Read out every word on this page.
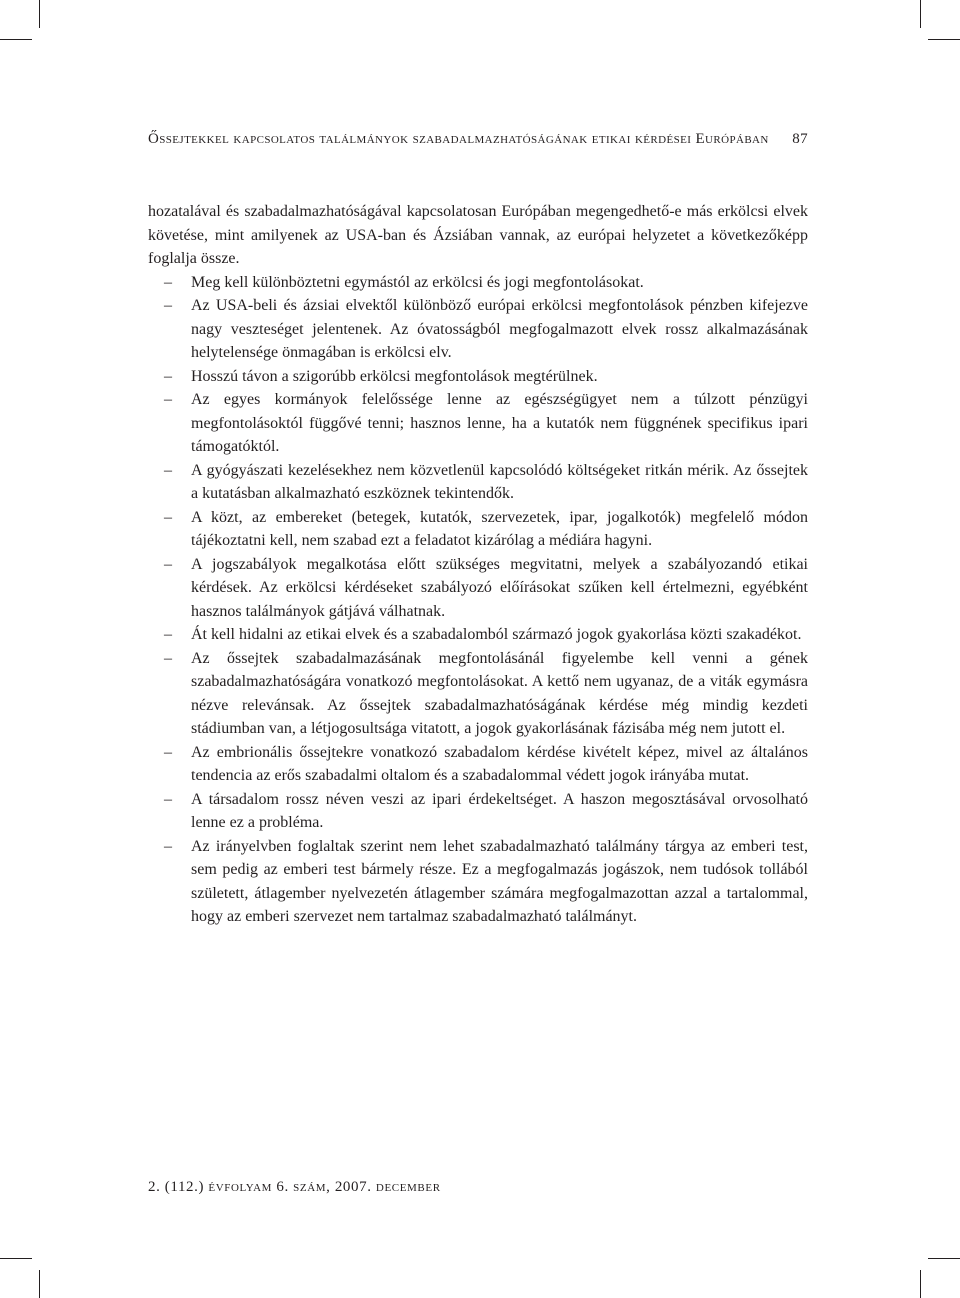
Őssejtekkel kapcsolatos találmányok szabadalmazhatóságának etikai kérdései Európában 87

hozatalával és szabadalmazhatóságával kapcsolatosan Európában megengedhető-e más erkölcsi elvek követése, mint amilyenek az USA-ban és Ázsiában vannak, az európai helyzetet a következőképp foglalja össze.

– Meg kell különböztetni egymástól az erkölcsi és jogi megfontolásokat.
– Az USA-beli és ázsiai elvektől különböző európai erkölcsi megfontolások pénzben kifejezve nagy veszteséget jelentenek. Az óvatosságból megfogalmazott elvek rossz alkalmazásának helytelensége önmagában is erkölcsi elv.
– Hosszú távon a szigorúbb erkölcsi megfontolások megtérülnek.
– Az egyes kormányok felelőssége lenne az egészségügyet nem a túlzott pénzügyi megfontolásoktól függővé tenni; hasznos lenne, ha a kutatók nem függnének specifikus ipari támogatóktól.
– A gyógyászati kezelésekhez nem közvetlenül kapcsolódó költségeket ritkán mérik. Az őssejtek a kutatásban alkalmazható eszköznek tekintendők.
– A közt, az embereket (betegek, kutatók, szervezetek, ipar, jogalkotók) megfelelő módon tájékoztatni kell, nem szabad ezt a feladatot kizárólag a médiára hagyni.
– A jogszabályok megalkotása előtt szükséges megvitatni, melyek a szabályozandó etikai kérdések. Az erkölcsi kérdéseket szabályozó előírásokat szűken kell értelmezni, egyébként hasznos találmányok gátjává válhatnak.
– Át kell hidalni az etikai elvek és a szabadalomból származó jogok gyakorlása közti szakadékot.
– Az őssejtek szabadalmazásának megfontolásánál figyelembe kell venni a gének szabadalmazhatóságára vonatkozó megfontolásokat. A kettő nem ugyanaz, de a viták egymásra nézve relevánsak. Az őssejtek szabadalmazhatóságának kérdése még mindig kezdeti stádiumban van, a létjogosultsága vitatott, a jogok gyakorlásának fázisába még nem jutott el.
– Az embrionális őssejtekre vonatkozó szabadalom kérdése kivételt képez, mivel az általános tendencia az erős szabadalmi oltalom és a szabadalommal védett jogok irányába mutat.
– A társadalom rossz néven veszi az ipari érdekeltséget. A haszon megosztásával orvosolható lenne ez a probléma.
– Az irányelvben foglaltak szerint nem lehet szabadalmazható találmány tárgya az emberi test, sem pedig az emberi test bármely része. Ez a megfogalmazás jogászok, nem tudósok tollából született, átlagember nyelvezetén átlagember számára megfogalmazottan azzal a tartalommal, hogy az emberi szervezet nem tartalmaz szabadalmazható találmányt.
2. (112.) évfolyam 6. szám, 2007. december
